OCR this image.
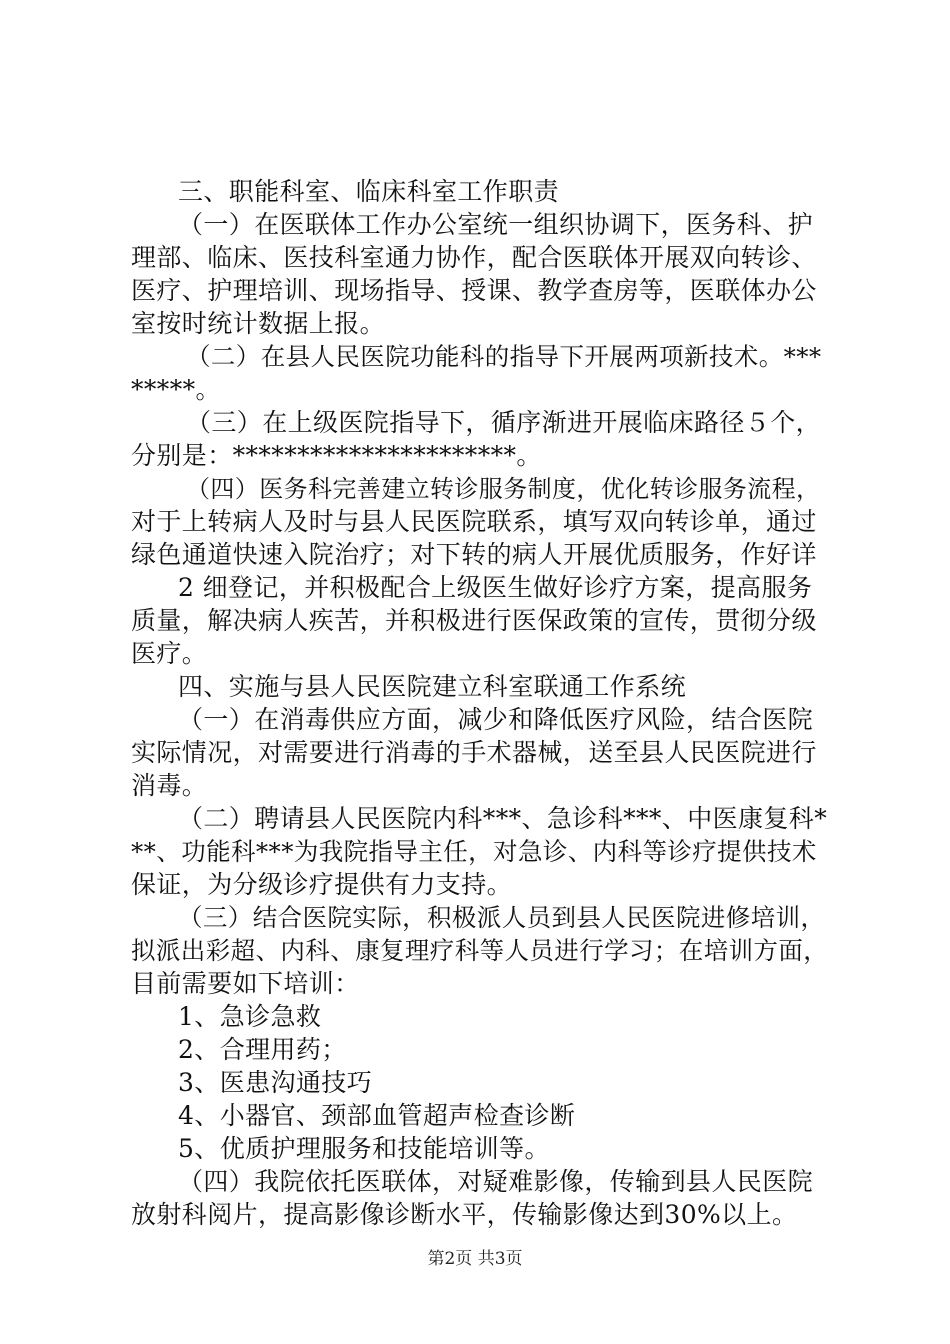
三、职能科室、临床科室工作职责
（一）在医联体工作办公室统一组织协调下，医务科、护
理部、临床、医技科室通力协作，配合医联体开展双向转诊、
医疗、护理培训、现场指导、授课、教学查房等，医联体办公
室按时统计数据上报。
（二）在县人民医院功能科的指导下开展两项新技术。***
*****。
（三）在上级医院指导下，循序渐进开展临床路径５个，
分别是：**********************。
（四）医务科完善建立转诊服务制度，优化转诊服务流程，
对于上转病人及时与县人民医院联系，填写双向转诊单，通过
绿色通道快速入院治疗；对下转的病人开展优质服务，作好详
2 细登记，并积极配合上级医生做好诊疗方案，提高服务
质量，解决病人疾苦，并积极进行医保政策的宣传，贯彻分级
医疗。
四、实施与县人民医院建立科室联通工作系统
（一）在消毒供应方面，减少和降低医疗风险，结合医院
实际情况，对需要进行消毒的手术器械，送至县人民医院进行
消毒。
（二）聘请县人民医院内科***、急诊科***、中医康复科*
**、功能科***为我院指导主任，对急诊、内科等诊疗提供技术
保证，为分级诊疗提供有力支持。
（三）结合医院实际，积极派人员到县人民医院进修培训，
拟派出彩超、内科、康复理疗科等人员进行学习；在培训方面，
目前需要如下培训：
1、急诊急救
2、合理用药；
3、医患沟通技巧
4、小器官、颈部血管超声检查诊断
5、优质护理服务和技能培训等。
（四）我院依托医联体，对疑难影像，传输到县人民医院
放射科阅片，提高影像诊断水平，传输影像达到30%以上。
第2页 共3页
